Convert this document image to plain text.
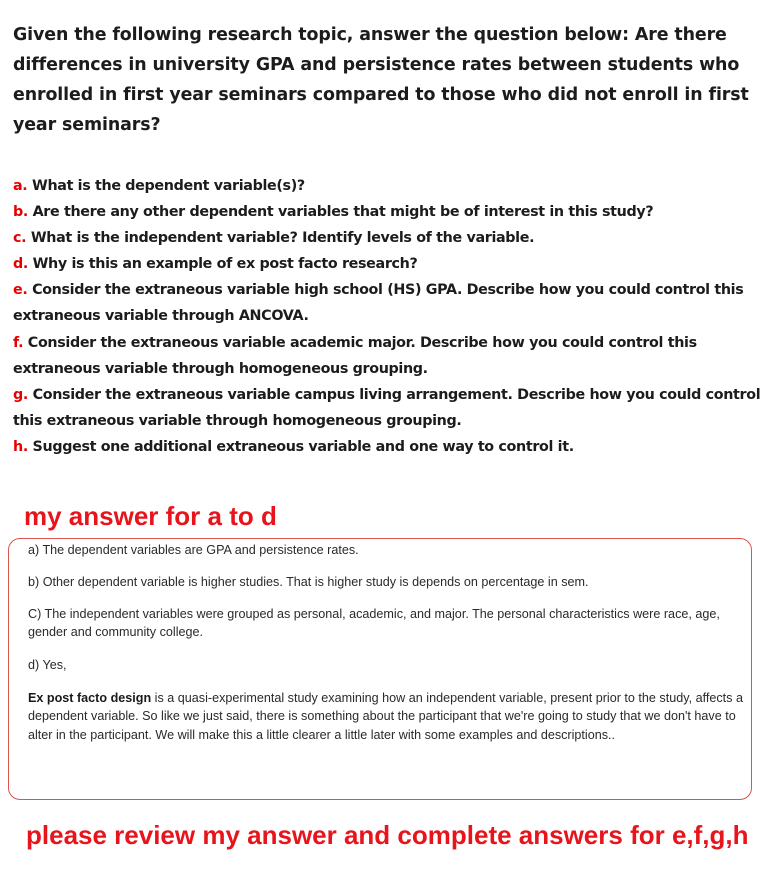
Given the following research topic, answer the question below: Are there differences in university GPA and persistence rates between students who enrolled in first year seminars compared to those who did not enroll in first year seminars?

a. What is the dependent variable(s)?

b. Are there any other dependent variables that might be of interest in this study?

c. What is the independent variable? Identify levels of the variable.

d. Why is this an example of ex post facto research?

e. Consider the extraneous variable high school (HS) GPA. Describe how you could control this extraneous variable through ANCOVA.

f. Consider the extraneous variable academic major. Describe how you could control this extraneous variable through homogeneous grouping.

g. Consider the extraneous variable campus living arrangement. Describe how you could control this extraneous variable through homogeneous grouping.

h. Suggest one additional extraneous variable and one way to control it.

my answer for a to d

a) The dependent variables are GPA and persistence rates.

b) Other dependent variable is higher studies. That is higher study is depends on percentage in sem.

C) The independent variables were grouped as personal, academic, and major. The personal characteristics were race, age, gender and community college.

d) Yes,

Ex post facto design is a quasi-experimental study examining how an independent variable, present prior to the study, affects a dependent variable. So like we just said, there is something about the participant that we're going to study that we don't have to alter in the participant. We will make this a little clearer a little later with some examples and descriptions..

please review my answer and complete answers for e,f,g,h
